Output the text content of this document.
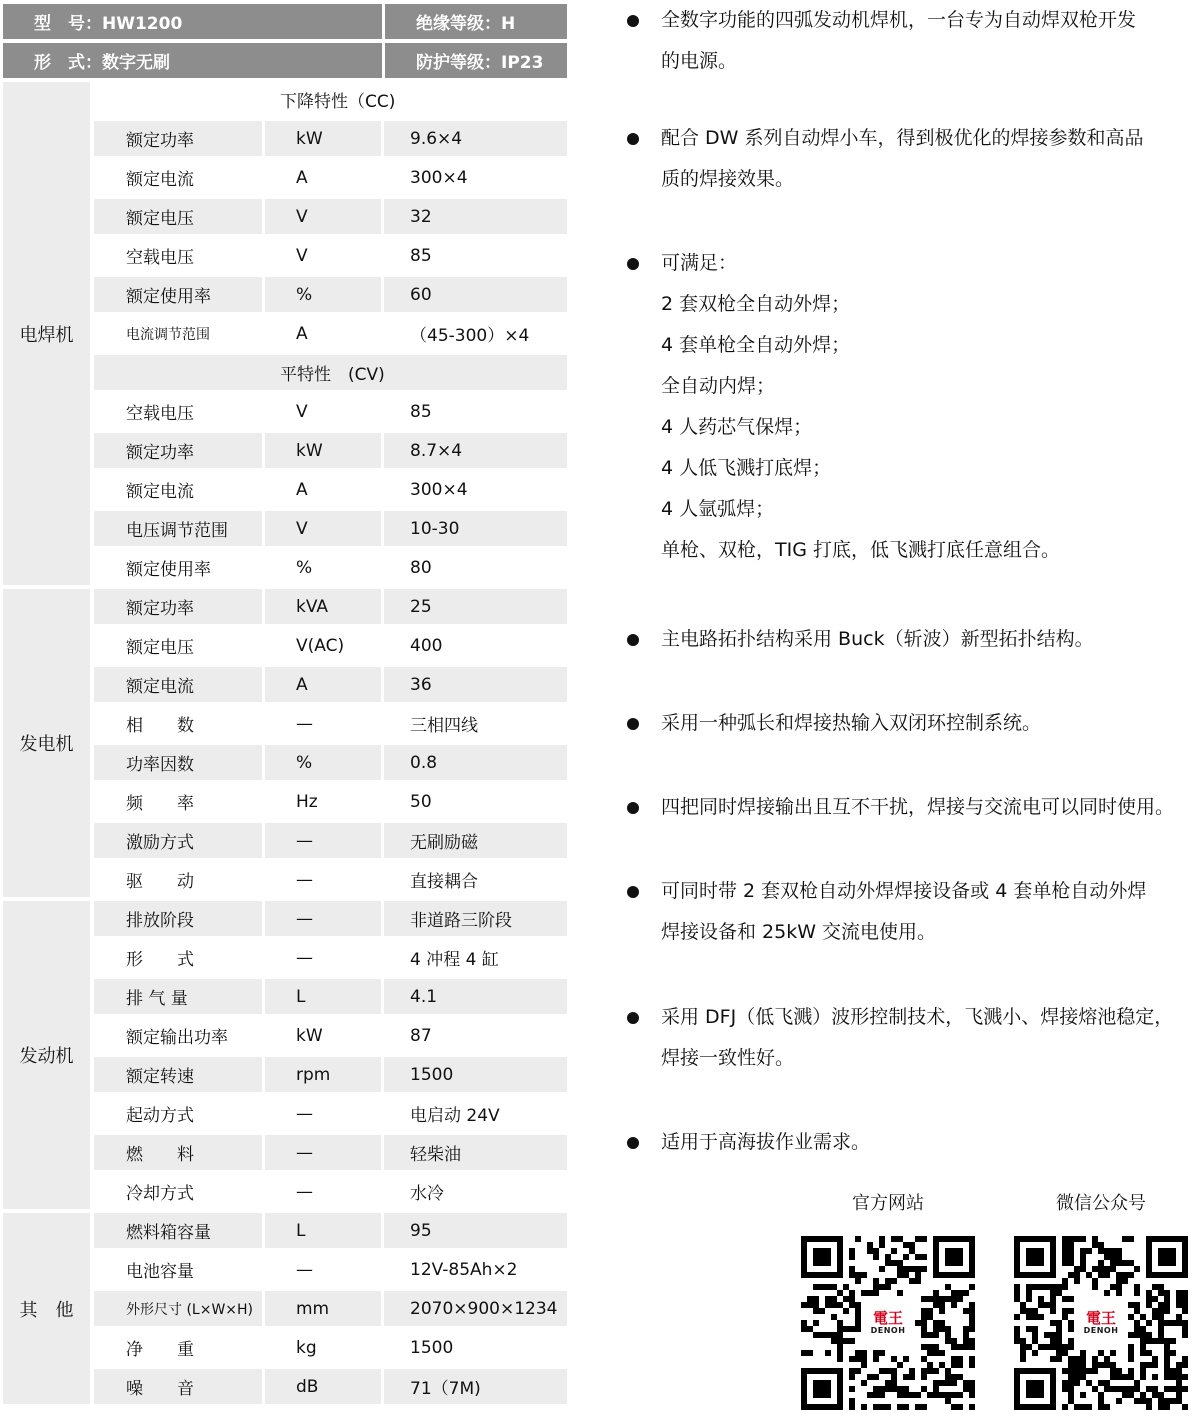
型　号：HW1200	绝缘等级：H
形　式：数字无刷	防护等级：IP23
电焊机
下降特性（CC)
额定功率	kW	9.6×4
额定电流	A	300×4
额定电压	V	32
空载电压	V	85
额定使用率	%	60
电流调节范围	A	（45-300）×4
平特性　(CV)
空载电压	V	85
额定功率	kW	8.7×4
额定电流	A	300×4
电压调节范围	V	10-30
额定使用率	%	80
发电机
额定功率	kVA	25
额定电压	V(AC)	400
额定电流	A	36
相　　数	—	三相四线
功率因数	%	0.8
频　　率	Hz	50
激励方式	—	无刷励磁
驱　　动	—	直接耦合
发动机
排放阶段	—	非道路三阶段
形　　式	—	4 冲程 4 缸
排 气 量	L	4.1
额定输出功率	kW	87
额定转速	rpm	1500
起动方式	—	电启动 24V
燃　　料	—	轻柴油
冷却方式	—	水冷
其　他
燃料箱容量	L	95
电池容量	—	12V-85Ah×2
外形尺寸 (L×W×H)	mm	2070×900×1234
净　　重	kg	1500
噪　　音	dB	71（7M)
全数字功能的四弧发动机焊机，一台专为自动焊双枪开发
的电源。
配合 DW 系列自动焊小车，得到极优化的焊接参数和高品
质的焊接效果。
可满足：
2 套双枪全自动外焊；
4 套单枪全自动外焊；
全自动内焊；
4 人药芯气保焊；
4 人低飞溅打底焊；
4 人氩弧焊；
单枪、双枪，TIG 打底，低飞溅打底任意组合。
主电路拓扑结构采用 Buck（斩波）新型拓扑结构。
采用一种弧长和焊接热输入双闭环控制系统。
四把同时焊接输出且互不干扰，焊接与交流电可以同时使用。
可同时带 2 套双枪自动外焊焊接设备或 4 套单枪自动外焊
焊接设备和 25kW 交流电使用。
采用 DFJ（低飞溅）波形控制技术，飞溅小、焊接熔池稳定，
焊接一致性好。
适用于高海拔作业需求。
官方网站
電王
DENOH
微信公众号
電王
DENOH
